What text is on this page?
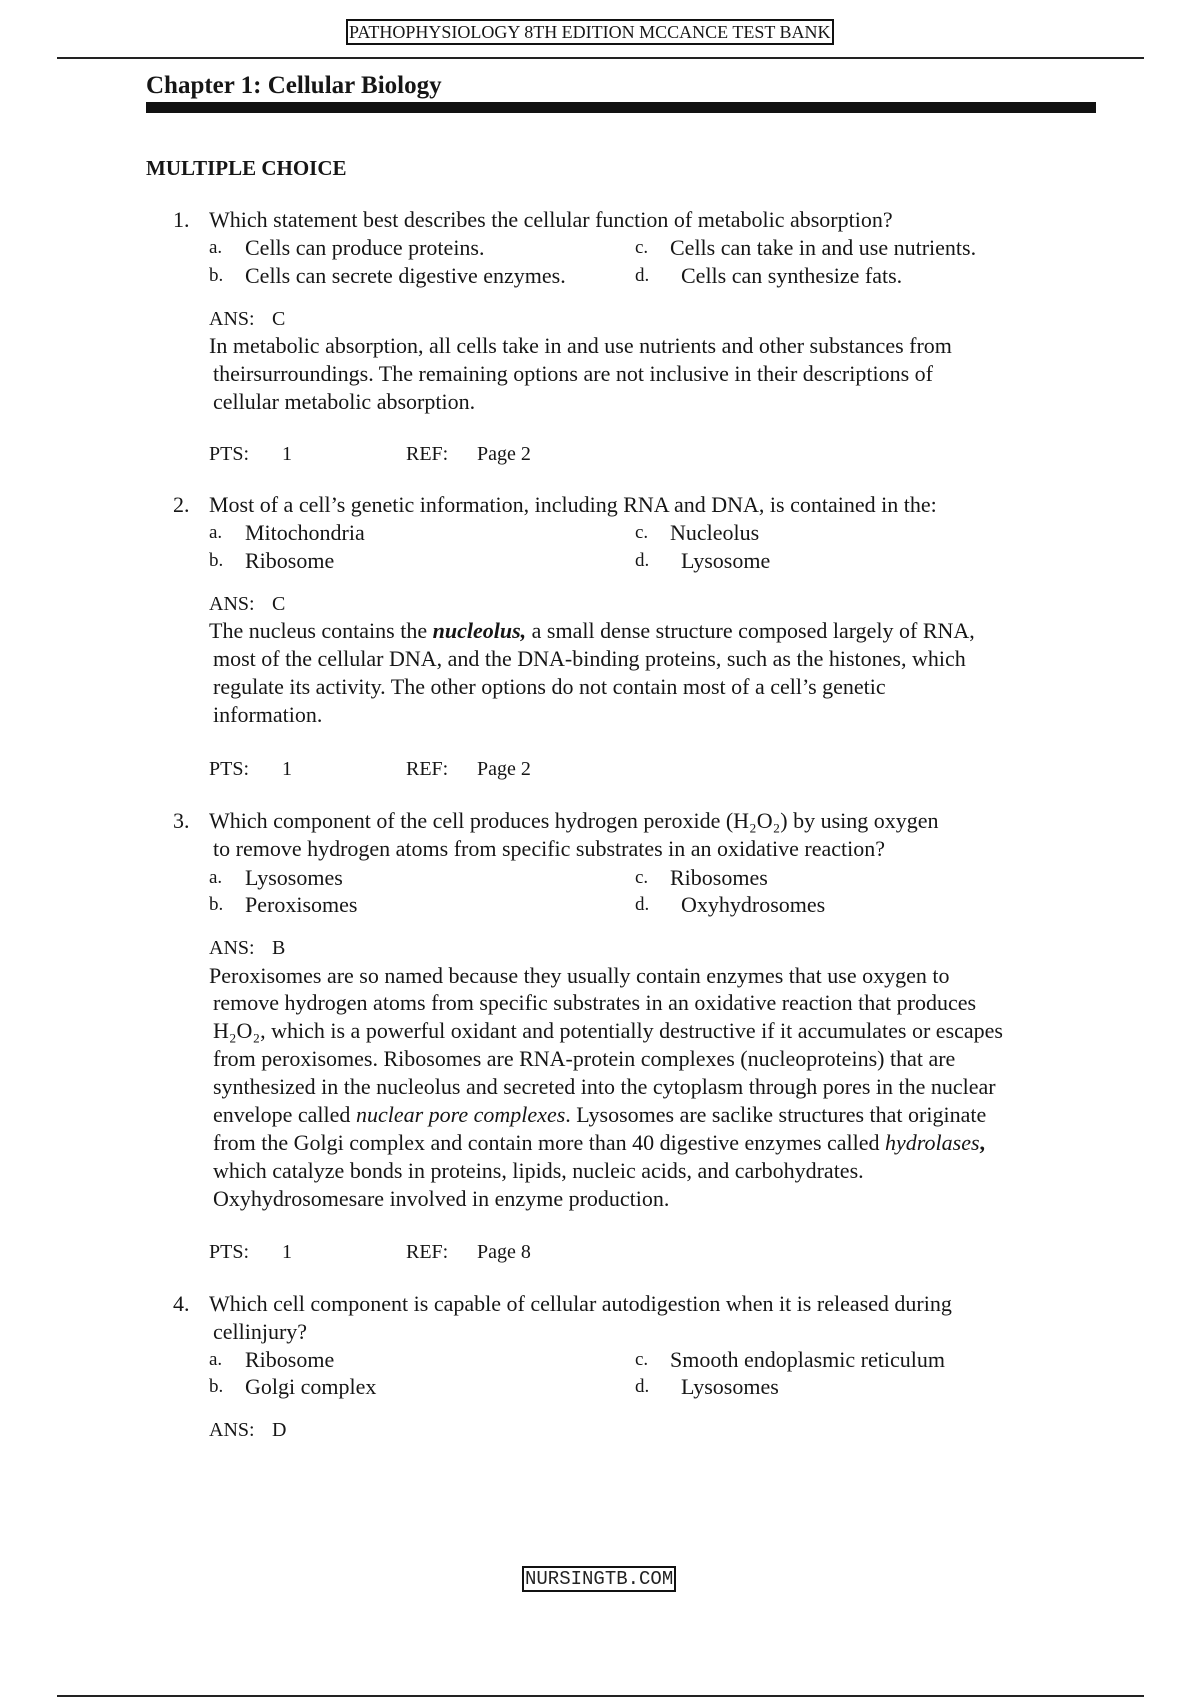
PATHOPHYSIOLOGY 8TH EDITION MCCANCE TEST BANK
Chapter 1: Cellular Biology
MULTIPLE CHOICE
1. Which statement best describes the cellular function of metabolic absorption?
a. Cells can produce proteins.	c. Cells can take in and use nutrients.
b. Cells can secrete digestive enzymes.	d. Cells can synthesize fats.
ANS: C
In metabolic absorption, all cells take in and use nutrients and other substances from
theirsurroundings. The remaining options are not inclusive in their descriptions of
cellular metabolic absorption.
PTS: 1	REF: Page 2
2. Most of a cell’s genetic information, including RNA and DNA, is contained in the:
a. Mitochondria	c. Nucleolus
b. Ribosome	d. Lysosome
ANS: C
The nucleus contains the nucleolus, a small dense structure composed largely of RNA,
most of the cellular DNA, and the DNA-binding proteins, such as the histones, which
regulate its activity. The other options do not contain most of a cell’s genetic
information.
PTS: 1	REF: Page 2
3. Which component of the cell produces hydrogen peroxide (H₂O₂) by using oxygen
to remove hydrogen atoms from specific substrates in an oxidative reaction?
a. Lysosomes	c. Ribosomes
b. Peroxisomes	d. Oxyhydrosomes
ANS: B
Peroxisomes are so named because they usually contain enzymes that use oxygen to
remove hydrogen atoms from specific substrates in an oxidative reaction that produces
H₂O₂, which is a powerful oxidant and potentially destructive if it accumulates or escapes
from peroxisomes. Ribosomes are RNA-protein complexes (nucleoproteins) that are
synthesized in the nucleolus and secreted into the cytoplasm through pores in the nuclear
envelope called nuclear pore complexes. Lysosomes are saclike structures that originate
from the Golgi complex and contain more than 40 digestive enzymes called hydrolases,
which catalyze bonds in proteins, lipids, nucleic acids, and carbohydrates.
Oxyhydrosomesare involved in enzyme production.
PTS: 1	REF: Page 8
4. Which cell component is capable of cellular autodigestion when it is released during
cellinjury?
a. Ribosome	c. Smooth endoplasmic reticulum
b. Golgi complex	d. Lysosomes
ANS: D
NURSINGTB.COM
